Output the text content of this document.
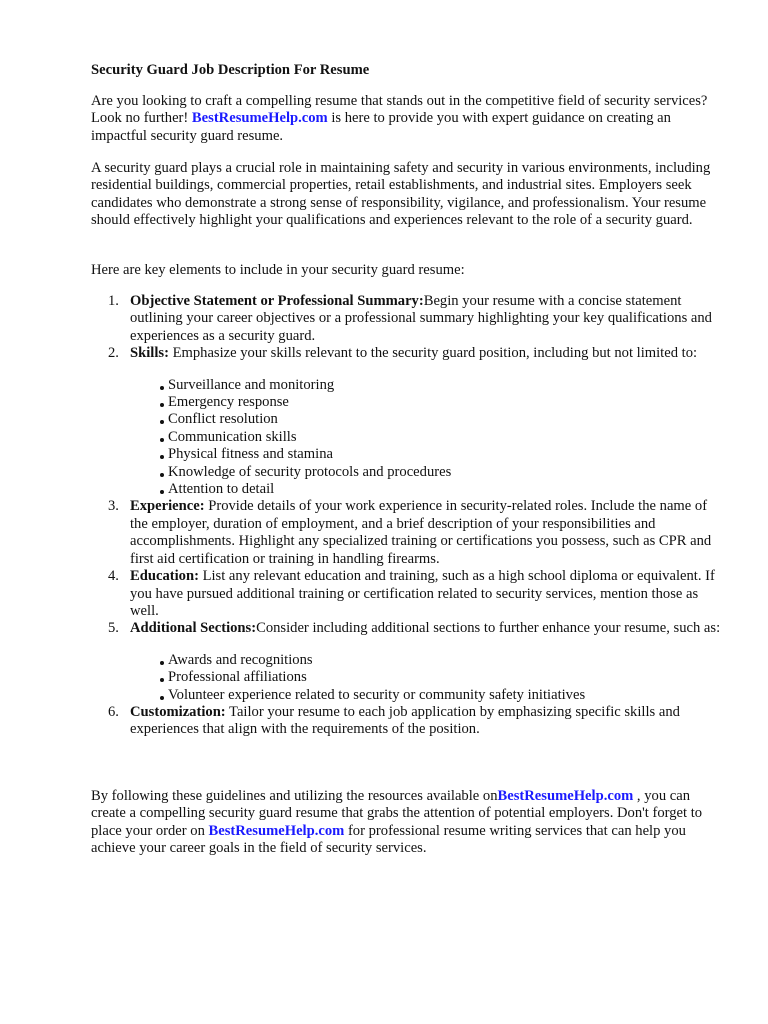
Security Guard Job Description For Resume

Are you looking to craft a compelling resume that stands out in the competitive field of security services? Look no further! BestResumeHelp.com is here to provide you with expert guidance on creating an impactful security guard resume.

A security guard plays a crucial role in maintaining safety and security in various environments, including residential buildings, commercial properties, retail establishments, and industrial sites. Employers seek candidates who demonstrate a strong sense of responsibility, vigilance, and professionalism. Your resume should effectively highlight your qualifications and experiences relevant to the role of a security guard.

Here are key elements to include in your security guard resume:

1. Objective Statement or Professional Summary:Begin your resume with a concise statement outlining your career objectives or a professional summary highlighting your key qualifications and experiences as a security guard.
2. Skills: Emphasize your skills relevant to the security guard position, including but not limited to:
Surveillance and monitoring
Emergency response
Conflict resolution
Communication skills
Physical fitness and stamina
Knowledge of security protocols and procedures
Attention to detail
3. Experience: Provide details of your work experience in security-related roles. Include the name of the employer, duration of employment, and a brief description of your responsibilities and accomplishments. Highlight any specialized training or certifications you possess, such as CPR and first aid certification or training in handling firearms.
4. Education: List any relevant education and training, such as a high school diploma or equivalent. If you have pursued additional training or certification related to security services, mention those as well.
5. Additional Sections:Consider including additional sections to further enhance your resume, such as:
Awards and recognitions
Professional affiliations
Volunteer experience related to security or community safety initiatives
6. Customization: Tailor your resume to each job application by emphasizing specific skills and experiences that align with the requirements of the position.

By following these guidelines and utilizing the resources available onBestResumeHelp.com , you can create a compelling security guard resume that grabs the attention of potential employers. Don't forget to place your order on BestResumeHelp.com for professional resume writing services that can help you achieve your career goals in the field of security services.
